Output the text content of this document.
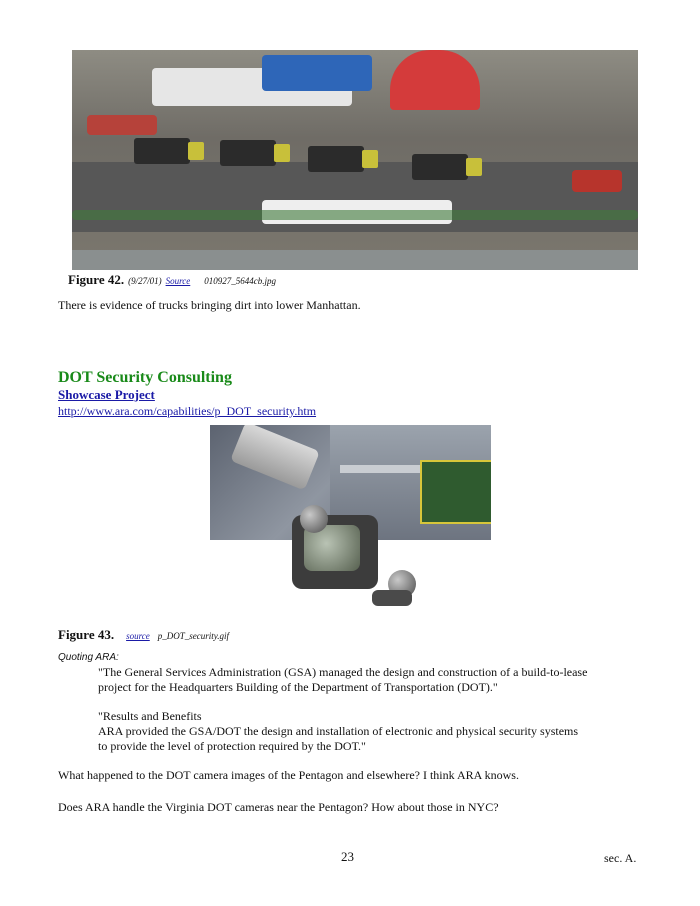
Figure 42. (9/27/01) Source 010927_5644cb.jpg
There is evidence of trucks bringing dirt into lower Manhattan.
DOT Security Consulting
Showcase Project
http://www.ara.com/capabilities/p_DOT_security.htm
Figure 43. source p_DOT_security.gif
Quoting ARA:
"The General Services Administration (GSA) managed the design and construction of a build-to-lease project for the Headquarters Building of the Department of Transportation (DOT)."
"Results and Benefits
ARA provided the GSA/DOT the design and installation of electronic and physical security systems to provide the level of protection required by the DOT."
What happened to the DOT camera images of the Pentagon and elsewhere? I think ARA knows.
Does ARA handle the Virginia DOT cameras near the Pentagon? How about those in NYC?
23	sec. A.
